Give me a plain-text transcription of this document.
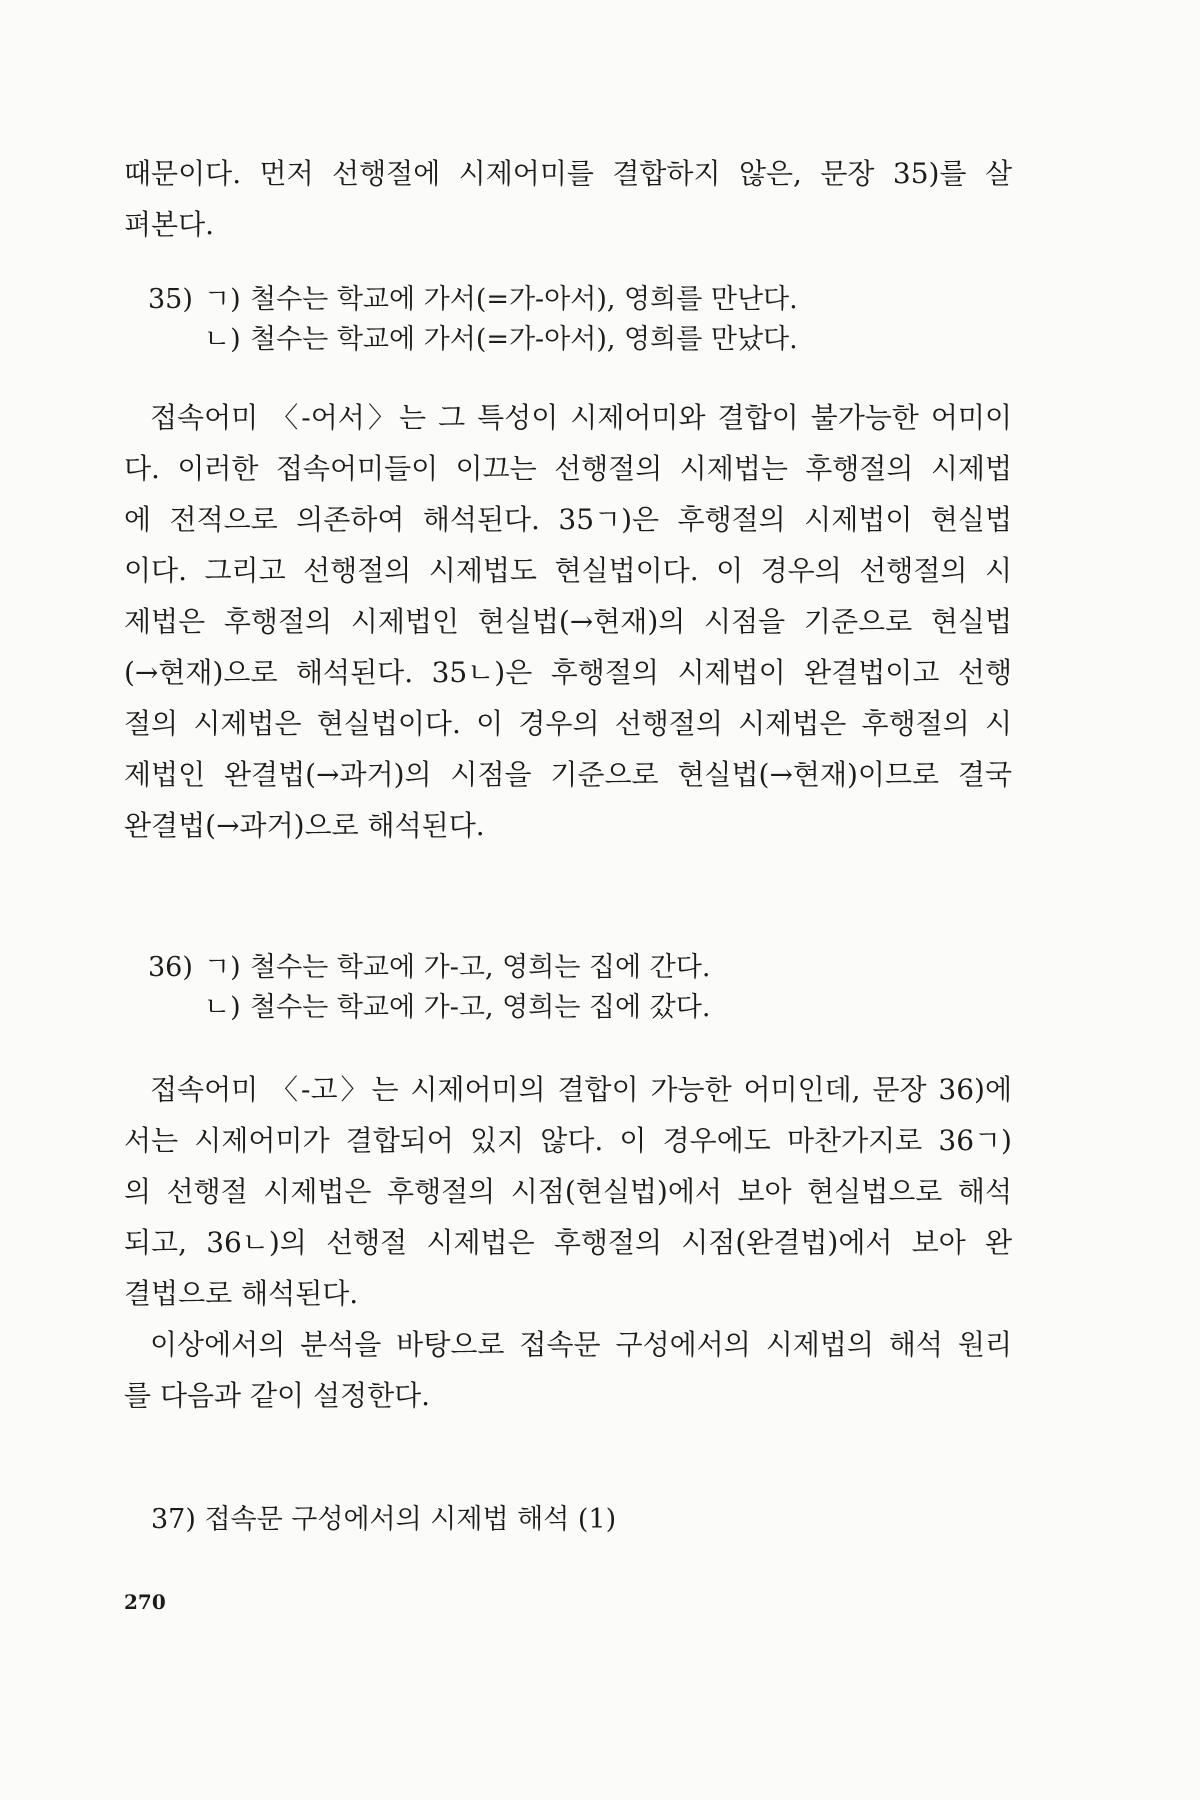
때문이다. 먼저 선행절에 시제어미를 결합하지 않은, 문장 35)를 살
펴본다.

35) ㄱ) 철수는 학교에 가서(=가-아서), 영희를 만난다.
ㄴ) 철수는 학교에 가서(=가-아서), 영희를 만났다.

접속어미 〈-어서〉는 그 특성이 시제어미와 결합이 불가능한 어미이
다. 이러한 접속어미들이 이끄는 선행절의 시제법는 후행절의 시제법
에 전적으로 의존하여 해석된다. 35ㄱ)은 후행절의 시제법이 현실법
이다. 그리고 선행절의 시제법도 현실법이다. 이 경우의 선행절의 시
제법은 후행절의 시제법인 현실법(→현재)의 시점을 기준으로 현실법
(→현재)으로 해석된다. 35ㄴ)은 후행절의 시제법이 완결법이고 선행
절의 시제법은 현실법이다. 이 경우의 선행절의 시제법은 후행절의 시
제법인 완결법(→과거)의 시점을 기준으로 현실법(→현재)이므로 결국
완결법(→과거)으로 해석된다.

36) ㄱ) 철수는 학교에 가-고, 영희는 집에 간다.
ㄴ) 철수는 학교에 가-고, 영희는 집에 갔다.

접속어미 〈-고〉는 시제어미의 결합이 가능한 어미인데, 문장 36)에
서는 시제어미가 결합되어 있지 않다. 이 경우에도 마찬가지로 36ㄱ)
의 선행절 시제법은 후행절의 시점(현실법)에서 보아 현실법으로 해석
되고, 36ㄴ)의 선행절 시제법은 후행절의 시점(완결법)에서 보아 완
결법으로 해석된다.

이상에서의 분석을 바탕으로 접속문 구성에서의 시제법의 해석 원리
를 다음과 같이 설정한다.

37) 접속문 구성에서의 시제법 해석 (1)
270
